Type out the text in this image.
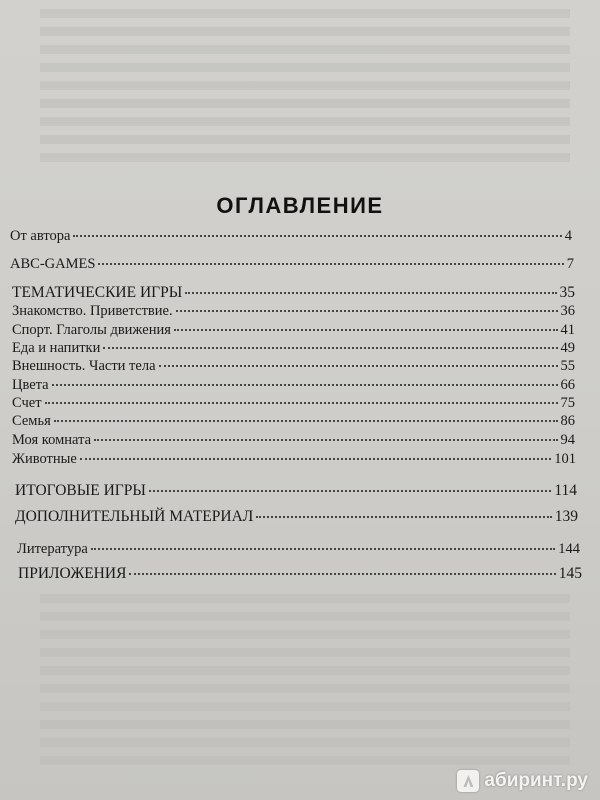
ОГЛАВЛЕНИЕ
От автора	4
ABC-GAMES	7
ТЕМАТИЧЕСКИЕ ИГРЫ	35
Знакомство. Приветствие.	36
Спорт. Глаголы движения	41
Еда и напитки	49
Внешность. Части тела	55
Цвета	66
Счет	75
Семья	86
Моя комната	94
Животные	101
ИТОГОВЫЕ ИГРЫ	114
ДОПОЛНИТЕЛЬНЫЙ МАТЕРИАЛ	139
Литература	144
ПРИЛОЖЕНИЯ	145
абиринт.ру
